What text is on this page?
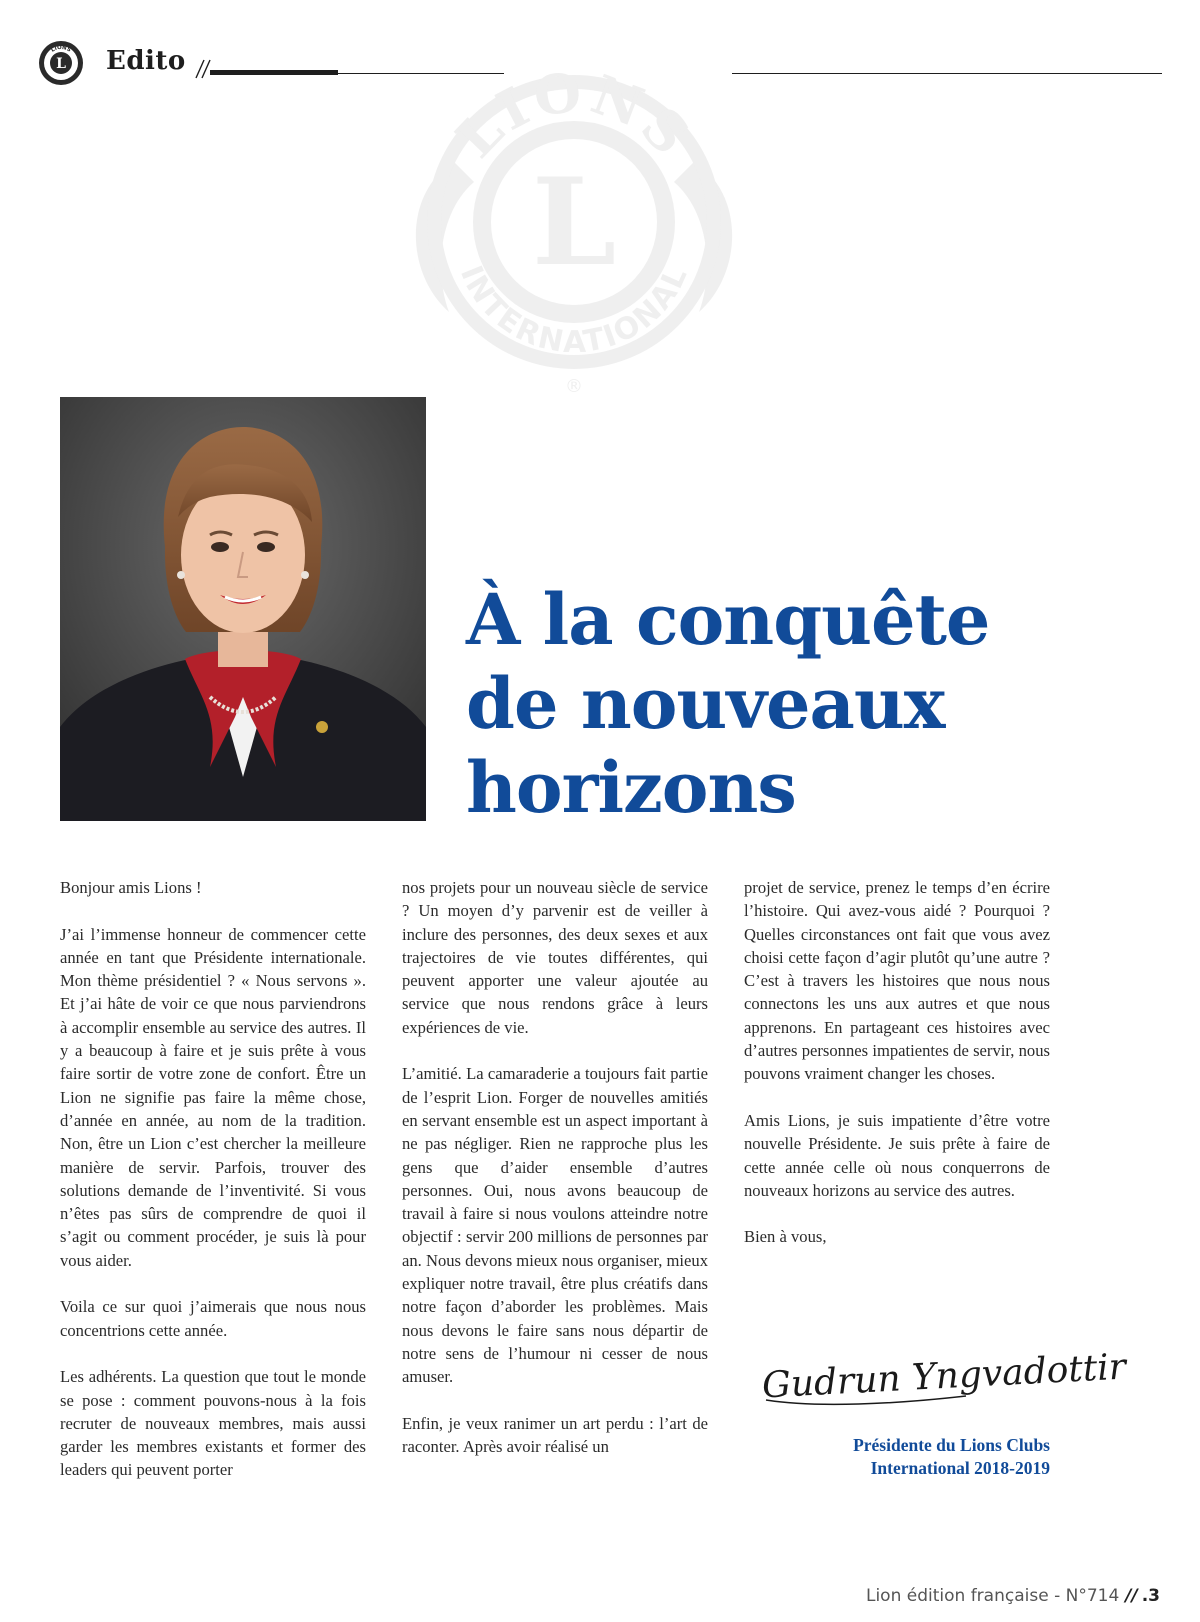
LIONS
L Edito
LIONS
L
INTERNATIONAL
®
À la conquête
de nouveaux
horizons

Bonjour amis Lions !

J’ai l’immense honneur de commencer cette année en tant que Présidente internationale. Mon thème présidentiel ? « Nous servons ». Et j’ai hâte de voir ce que nous parviendrons à accomplir ensemble au service des autres. Il y a beaucoup à faire et je suis prête à vous faire sortir de votre zone de confort. Être un Lion ne signifie pas faire la même chose, d’année en année, au nom de la tradition. Non, être un Lion c’est chercher la meilleure manière de servir. Parfois, trouver des solutions demande de l’inventivité. Si vous n’êtes pas sûrs de comprendre de quoi il s’agit ou comment procéder, je suis là pour vous aider.

Voila ce sur quoi j’aimerais que nous nous concentrions cette année.

Les adhérents. La question que tout le monde se pose : comment pouvons-nous à la fois recruter de nouveaux membres, mais aussi garder les membres existants et former des leaders qui peuvent porter

nos projets pour un nouveau siècle de service ? Un moyen d’y parvenir est de veiller à inclure des personnes, des deux sexes et aux trajectoires de vie toutes différentes, qui peuvent apporter une valeur ajoutée au service que nous rendons grâce à leurs expériences de vie.

L’amitié. La camaraderie a toujours fait partie de l’esprit Lion. Forger de nouvelles amitiés en servant ensemble est un aspect important à ne pas négliger. Rien ne rapproche plus les gens que d’aider ensemble d’autres personnes. Oui, nous avons beaucoup de travail à faire si nous voulons atteindre notre objectif : servir 200 millions de personnes par an. Nous devons mieux nous organiser, mieux expliquer notre travail, être plus créatifs dans notre façon d’aborder les problèmes. Mais nous devons le faire sans nous départir de notre sens de l’humour ni cesser de nous amuser.

Enfin, je veux ranimer un art perdu : l’art de raconter. Après avoir réalisé un

projet de service, prenez le temps d’en écrire l’histoire. Qui avez-vous aidé ? Pourquoi ? Quelles circonstances ont fait que vous avez choisi cette façon d’agir plutôt qu’une autre ? C’est à travers les histoires que nous nous connectons les uns aux autres et que nous apprenons. En partageant ces histoires avec d’autres personnes impatientes de servir, nous pouvons vraiment changer les choses.

Amis Lions, je suis impatiente d’être votre nouvelle Présidente. Je suis prête à faire de cette année celle où nous conquerrons de nouveaux horizons au service des autres.

Bien à vous,

Gudrun Yngvadottir
Présidente du Lions Clubs
International 2018-2019
Lion édition française - N°714 // .3
